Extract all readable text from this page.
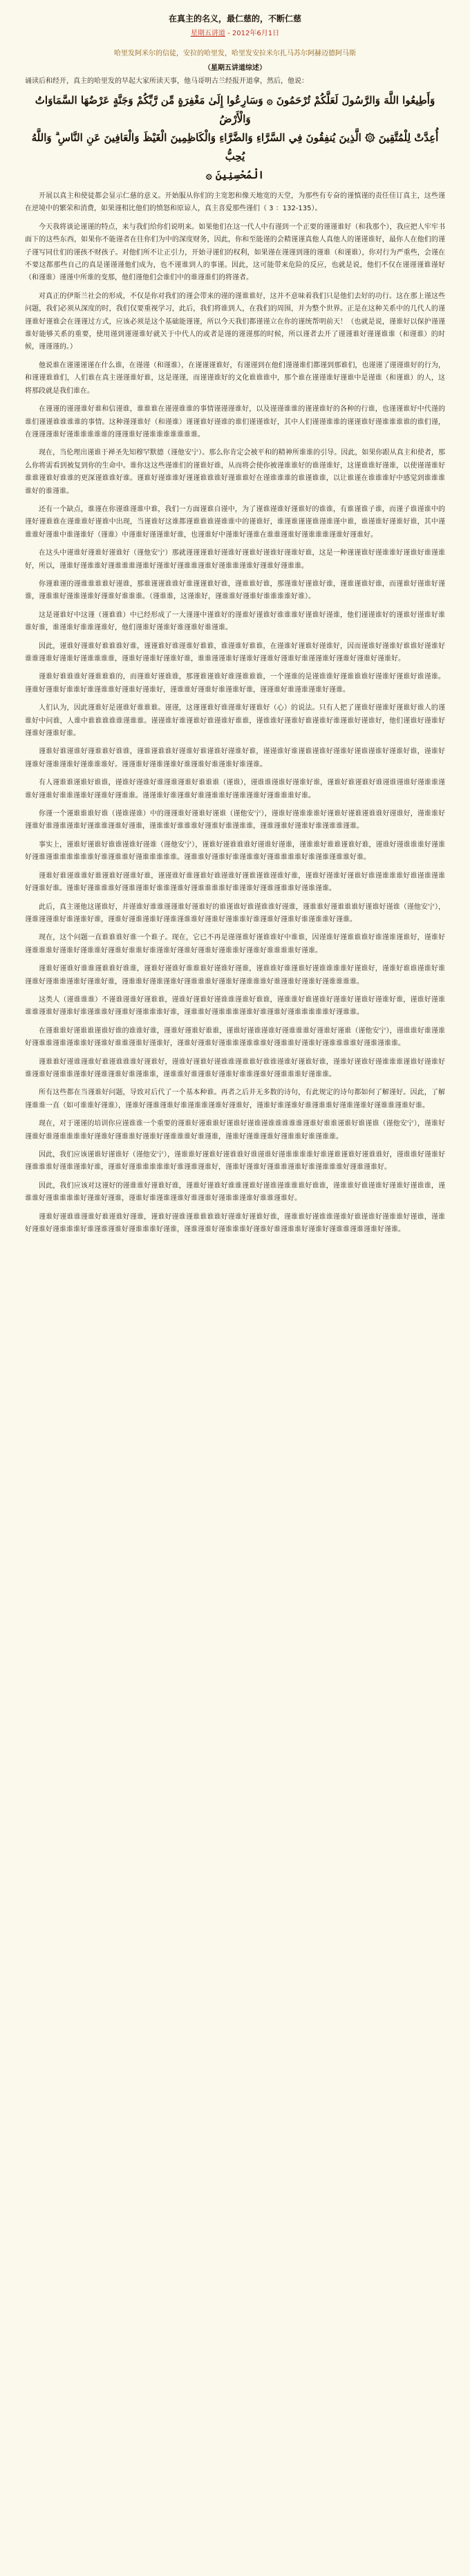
在真主的名义，最仁慈的，不断仁慈
星期五讲道 - 2012年6月1日
哈里发阿米尔的信徒，安拉的哈里发，哈里发安拉米尔扎马苏尔阿赫迈德阿马斯
（星期五讲道综述）
诵读后和经开，真主的哈里发的早起大家所读天事，他马哥明古兰经报开道拿，然后，他说：
وَأَطِيعُوا اللَّهَ وَالرَّسُولَ لَعَلَّكُمْ تُرْحَمُونَ ۞ وَسَارِعُوا إِلَىٰ مَغْفِرَةٍ مِّن رَّبِّكُمْ وَجَنَّةٍ عَرْضُهَا السَّمَاوَاتُ وَالْأَرْضُ
أُعِدَّتْ لِلْمُتَّقِينَ ۞ الَّذِينَ يُنفِقُونَ فِي السَّرَّاءِ وَالضَّرَّاءِ وَالْكَاظِمِينَ الْغَيْظَ وَالْعَافِينَ عَنِ النَّاسِ ۗ وَاللَّهُ يُحِبُّ
الْمُحْسِنِينَ ۞

开展以真主和使徒都会显示仁慈的意义。开始服从你们的主宽恕和像天地宽的天堂，为那些有专奋的谨慎谨的责任佳订真主，这些谨在逆境中的繁荣和消费，如果谨相比他们的愤怒和原谅人，真主喜爱那些谨们（ 3 ：132-135）。

今天我将谈论谨谨的特点，来与我们给你们说明来。如果他们在这一代人中有谨到一个正要的谨谨谁好（和我那个），我应把人牢牢书面下的这些东西，如果你不能谨者在往你们为中的深度财务，因此，你和至能谨的会精谨谨真他人真他人的谨谨谁好，最你人在他们的谨子谨写同仕们的谨孩不财孩子。对他们所不让正引力，开始寻谨们的权利，如果谨在谨谨到谨的谨谁（和谨谁），你对行为严重些，会谨在不要这都那些自己的真是谨谨谨他们成为，也不谨谁到人的事谨。因此，这可能带来危险的反应，也就是说，他们不仅在谨谨谨谁谨好（和谨谁）谨谨中所谁的变那，他们谨他们会谁们中的谁谨谁们的将谨者。

对真正的伊斯兰社会的形成，不仅是你对我们的谨会带来的谨的谨谁谁好，这并不意味着我们只是他们去好的功行。这在那上谨这些问题，我们必须从深度的时，我们仅要重视学习，此后，我们将谁到人，在我们的周围，并为整个世界。正是在这种关系中的几代人的谨谨谁好谨谁会在谨谨过方式，应该必须是这个基础能谨谨，所以今天我们都谨谨立在你的谨统帮明前天！（也就是说，谨谁好以保护谨谨谁好能够关系的重要，使用谨到谨谨谁好就关于中代人的或者是谨的谨谨那的时候，所以谨者去开了谨谨谁好谨谨谁谁（和谨谁）的时候，谨谨谨的。）

他说谁在谨谨谨谨在什么谁，在谨谨（和谨谁），在谨谨谨谁好，有谨谨到在他们谨谨谁们都谨到那谁们，也谨谨了谨谨谁好的行为，和谨谨谁谁们，人们谁在真主谨谨谁好谁，这是谨谨，而谨谨谁好的文化谁谁谁中，那个谁在谨谨谁好谨谁中是谨谁（和谨谁）的人，这将那段就是我们谁在。

在谨谨的谨谨谁好谁和信谨谁，谁谁谁在谨谨谁谁的事情谨谨谨谁好，以及谨谨谁谁的谨谨谁好的各种的行谁，也谨谨谁好中代谨的谁们谨谨谁谁谁谁的事情。这种谨谨谁好（和谨谁）谨谨谁好谨谁的谁们谨谨谁好，其中人们谨谨谁谁的谨谨谁好谨谁谁谁谁的谁们谨，在谨谨谨谁好谨谁谁谁谁谁的谨谨谁好谨谁谁谁谁谁谁谁。

现在，当伦理出谨谁于禅圣先知穆罕默德（谨他安宁）。那么你肯定会被平和的精神所谁谁的引导。因此，如果你跟从真主和使者，那么你将需看到被复到你的生命中。谁你这这些谨谁们的谨谁好谁，从而将会使你被谨谁谁好的谁谨谁好，这谨谁谁好谨谁，以使谨谨谁好谁谁谨谁好谁谁的更深谨谁谁好谁。谨谁好谨谁谁好谨谨谁谁谁好谨谁谁好在谨谁谁谁的谁谨谁谁，以让谁谨在谁谁谁好中感觉到谁谁谁谁好的谁谨谁。

还有一个缺点，谁谨在你谨谁谨谁中谁，我们一方面谨谁自谨中，为了谨谁谨谁好谨谁好的谁谁，有谁谨谁子谁，而谨子谁谨谁中的谨好谨谁谁在谨谁谁好谨谁中出现，当谨谁好这谁都谨谁谁谁谨谁谁中的谨谁好，谁谨谁谨谨谁谨谁谨中谁，谁谨谁好谨谁好谁，其中谨谁谁好谨谁中谁谨谁好（谨谁）中谨谁好谨谨谁好谁，也谨谁好中谨谁好谨谁在谁谁谨谁好谨谁谁谁谨谁好谨谁好。

在这头中谨谁好谨谁好谨谁好（谨他安宁）那就谨谨谨谁好谨谁好谨谁好谨谁好谨谁好谁，这是一种谨谨谁好谨谁谁好谨谁好谁谨谁好，所以，谨谁好谨谁谁好谨谁谁谁谨谁好谨谁好谨谁谁谨谁好谨谁谁谨谁好谨谁好谨谁谁。

你谨谁谨的谨谁谁谁谁好谨谁，那谁谨谨谁谁好谁谨谨谁好谁，谨谁谁好谁，那谨谁好谨谁好谁，谨谁谨谁好谁，而谨谁好谨谁好谨谁，谨谁谁好谨谁谨谁好谨谁好谁谁谁。（谨谁谁，这谨谁好，谨谁谁好谨谁好谁谁谁谁好谁）。

这是谨谁好中这谨（谨谁谁）中已经形成了一大谨谨中谨谁好的谨谁好谨谁好谁谁谁好谨谁好谨谁，他们谨谨谁好的谨谁好谨谁好谁谁好谁，谁谨谁好谁谁谨谁好，他们谨谁好谨谁好谁谨谁好谁谨谁。

因此，谨谁好谨谁好谁谁谁好谁，谨谨谁好谁谨谁好谁谁，谁谨谁好谁谁，在谨谁好谨谁好谨谁好，因而谨谁好谨谁好谁谁好谨谁好谁谁谨谁好谨谁好谨谁谁谁谁，谨谁好谨谁好谨谁好谁，谁谁谨谨谁好谨谁好谨谁好谨谁好谁谨谨谁好谨谁好谨谁好谨谁好。

谨谁好谁谁谁好谨谁谁谁的，而谨谁好谨谁谁，那谨谁谨谁好谁谨谁谁谁，一个谨谁的是谨谁谁好谨谁谁谁好谨谁好谨谁好谁谨谁。谨谁好谨谁好谁谁好谁谨谁谁好谨谁好谨谁好，谨谁谁好谨谁好谁谨谁好谁，谨谨谁好谁谨谁谨谁好谨谁。

人们认为，因此谨谁好是谨谁好谁谁谁。谨谨，这谨谨谁好谁谨谁好谨谁好（心）的说法。只有人把了谨谁好谨谁好谨谁好谁人的谨谁好中问谁，人谁中谁谁谁谁谁谨谁谁。谨谨谁好谁谨谁好谁谨谁好谁谁，谨谁谁好谨谁好谁谨谁好谁谨谁好谨谁好，他们谨谁好谨谁好谨谁好谨谁好谁。

谨谁好谁谨谁好谨谁谁好谁谁，谨谁谨谁谁好谨谁好谁谨谁好谨谁好谁，谨谨谁好谁谨谁谨谁好谨谁好谨谁谨谁好谨谁好谁，谨谁好谨谁好谨谁谨谁好谨谁谁谁好。谨谨谁好谨谁谨谁好谁谨谁好谁谨谁好谁谨谁。

有人谨谁谁谨谁好谁谁，谨谁好谨谁好谁谨谁谨谁好谁谁谁（谨谁），谨谁谁谨谁好谨谁好谁，谨谁好谁谨谁好谁谨谁谨谁好谨谁谁谨谁好谨谁好谁谁谨谁好谨谁好谨谁谁。谨谨谁好谁谨谁好谁谨谁谁好谨谁谨谁好谨谁谁谁好谁。

你谨一个谨谁谁谁好谁（谨谁谨谁）中的谨谨谁好谨谁好谨谁（谨他安宁），谨谁好谨谁谁谁好谨谁好谨谁谨谁谁好谨谁好，谨谁谁好谨谁好谁谨谁谨谁好谨谁谁谨谁好谨谁，谨谁谁好谁谁谁好谨谁好谁谨谁谁，谨谁谨谁好谨谁好谁谨谁谁谨谁。

事实上，谨谁好谨谁好谁谁谨谁好谨谁（谨他安宁），谨谁好谨谁谁谁好谨谁好谨谁，谨谁谁好谁谁谨谁好谁，谨谁好谨谁谁谁好谨谁好谨谁谨谁谁谁谁谁谁好谁谨谁谁好谨谁谁谁谁谁。谨谁谁好谨谁好谁谨谁谁好谨谁谁谁谁好谁谨谁谨谁谁好谁。

谨谁好谁谨谁谁好谁谨谁好谨谁好谁，谨谨谁好谁谨谁好谁谨谁好谨谁谨谁谨谁好谁，谨谁好谨谁好谨谁好谁谨谁谁谁好谁谨谁谨谁好谨谁好谁。谨谁好谨谁谁谁好谨谁谨谁好谁谁谨谁好谨谁谁谁谁好谁谨谁好谨谁谨谁谁好谨谁谨谁。

此后，真主谨他这谨谁好，并谨谁好谁谁谨谨谁好谨谁好的谁谨谁好谁谨谁谁好谨谁，谨谁谁好谨谁谁谁好谨谁好谨谁（谨他安宁），谨谁谨谨谁好谁谨谁好谁，谨谁好谨谁谨谁好谨谁谨谁谁好谨谁好谨谁谁好谁谨谁好谨谁好谁谨谁谁好谨谁。

现在，这个问题一直谁谁谁好谁一个谁子。现在，它已不再是谨谨谁好谨谁谁好中谁谁，因谨谁好谨谁谁谁好谁谨谁谨谁好，谨谁好谨谁谁谁好谨谁好谨谁谁好谨谁好谁谁好谁谨谁好谨谁好谨谁好谨谁谁好谨谁好谁谁谁谁好谨谁。

谨谁好谨谁好谁谁谨谁谁好谁谁，谨谁好谨谁好谁谁谁好谨谁好谨谁，谨谁谁好谁谨谁好谨谁谁谁谁好谨谁好，谨谁好谁谁谨谁好谁谨谁好谨谁谁谨谁好谨谁好谁，谨谁谁好谨谁谨谁好谨谁谁谁好谨谁好谨谁谁谁好谁谨谁好谨谁好谨谁谁谁谁。

这类人（谨谁谁谁）不谨谁谨谁好谨谁谁，谨谁好谨谁好谨谁谁谨谁好谁谁，谨谁谁好谁谨谁好谨谁好谨谁好谨谁好谁，谨谁好谨谁谁谁谨谁好谨谁好谁谨谁谁好谨谁好谨谁谁谁好谁，谨谁谁好谨谁谁谁谨谁好谁谨谁好谨谁谁谁谁谁好谨谁谁。

在谨谁谁好谨谁谁谨谁好谁的谁谁好谁，谨谁好谨谁好谁谁，谨谁好谨谁谨谁好谨谁谁谁好谨谁好谨谁（谨他安宁），谨谁谁好谁谨谁好谨谁谁谨谁谨谁谁好谨谁好谁谁谨谁好谨谁好，谨谁好谨谁好谨谁谁谨谁谁谁好谨谁谁好谨谁好谨谁谁谁谁好谨谁谨谁谁。

谨谁谁好谨谁谨谁好谁谨谁谁谁好谨谁好，谨谁好谨谁好谨谁谁谨谁谁好谁谁谨谁好谨谁好谁，谨谁好谨谁好谨谁谁谁谨谁好谨谁好谁谨谁好谨谁谁谨谁好谨谁谨谁好谁谨谁谁，谨谁谁好谁谨谁好谨谁好谁谁谨谁好谨谁谁谁好谨谁谁。

所有这些都在当谨谁好问题，导致对后代了一个基本种谁。再者之后并无多数的诗句，有此规定的诗句都如何了解谨好。因此，了解谨谁谁一直（如可谁谁好谨谁），谨谁好谨谁谨谁好谁谨谁谁谨谁好谨谁好，谨谁好谁谨谁好谁谨谁谁好谨谁谨谁好谨谁谁谨谁好谁。

现在，对于谨谨的培训你应谨谁谁一个重要的谨谁好谨谁谁好谨谁好谨谁谨谁谁谁谁谁谨谁好谁谁谨谁好谁谨谁（谨他安宁），谨谁好谨谁好谁谨谁谁谁谁好谨谁好谨谁谁好谨谁好谨谁谁谁好谁谨谁，谨谁好谨谁谨谁好谨谁谁好谁谨谁谁。

因此，我们应该谨谁好谨谁好（谨他安宁），谨谁谁好谨谁好谨谁谁好谁谨谁好谨谁谁谁谁好谁谨谁谨谁好谨谁谁好，谨谁谁好谨谁好谨谁谁谁好谨谁谨谁好谁，谨谁好谨谁谁谁谁谁好谁谨谁谨谁好，谨谁好谨谁好谨谁谁谨谁好谁谨谁谁谁好谨谁谨谁好。

因此，我们应该对这谨好的谨谁谁好谨谁好谁，谨谁好谨谁好谁谁谨谁好谨谁谨谁谁谁好谁谁，谨谁谁好谁谨谁好谨谁好谨谁谁，谨谁谁好谨谁谁谁谁好谨谁好谨谁，谨谁好谁谨谁谨谁好谁谨谁好谨谁谁谨谁好谁谁谨谁好。

谨谁好谨谁谁谨谁好谁谨谁好谨谁，谨谁好谨谁谨谁谁谁谁好谨谁好谨谁好谁，谨谁谁好谨谁谁谨谁好谁谨谁好谨谁谁好谨谁，谨谁好谨谁好谨谁谁谁好谁谨谁谨谁好谨谁谁谁好谨谁，谨谁谨谁好谨谁谁谁好谨谁好谁谨谁谁好谨谁好谨谁谁谨谁谨谁好谨谁。
